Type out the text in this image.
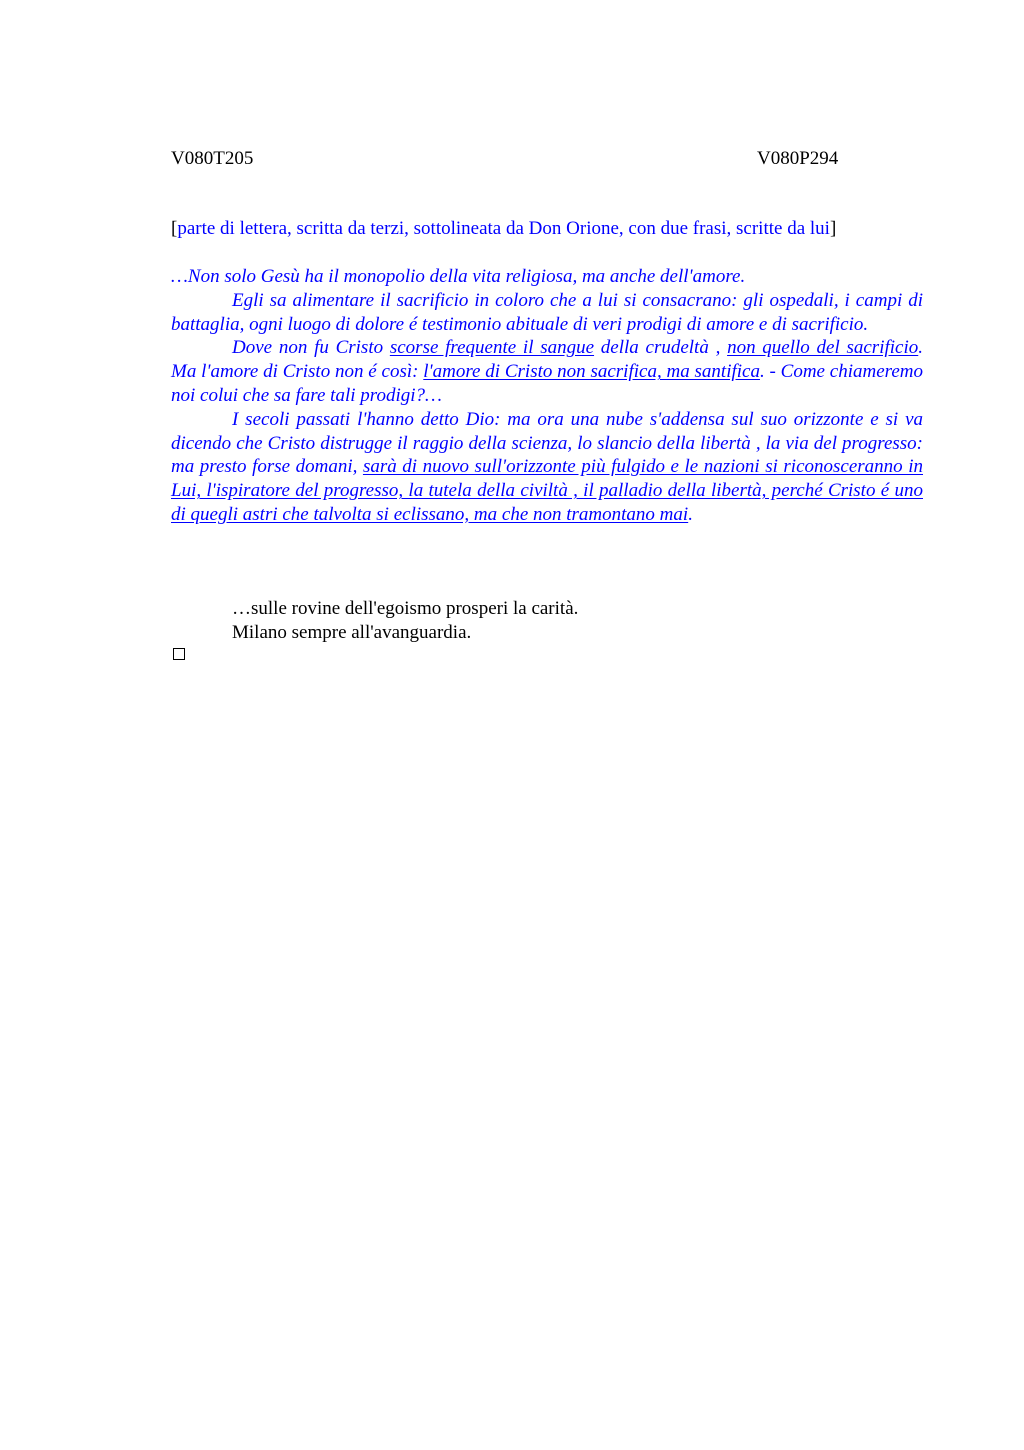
V080T205	V080P294
[parte di lettera, scritta da terzi, sottolineata da Don Orione, con due frasi, scritte da lui]

…Non solo Gesù ha il monopolio della vita religiosa, ma anche dell'amore.

Egli sa alimentare il sacrificio in coloro che a lui si consacrano: gli ospedali, i campi di battaglia, ogni luogo di dolore é testimonio abituale di veri prodigi di amore e di sacrificio.

Dove non fu Cristo scorse frequente il sangue della crudeltà , non quello del sacrificio. Ma l'amore di Cristo non é così: l'amore di Cristo non sacrifica, ma santifica. - Come chiameremo noi colui che sa fare tali prodigi?…

I secoli passati l'hanno detto Dio: ma ora una nube s'addensa sul suo orizzonte e si va dicendo che Cristo distrugge il raggio della scienza, lo slancio della libertà , la via del progresso: ma presto forse domani, sarà di nuovo sull'orizzonte più fulgido e le nazioni si riconosceranno in Lui, l'ispiratore del progresso, la tutela della civiltà , il palladio della libertà, perché Cristo é uno di quegli astri che talvolta si eclissano, ma che non tramontano mai.

…sulle rovine dell'egoismo prosperi la carità.
Milano sempre all'avanguardia.
